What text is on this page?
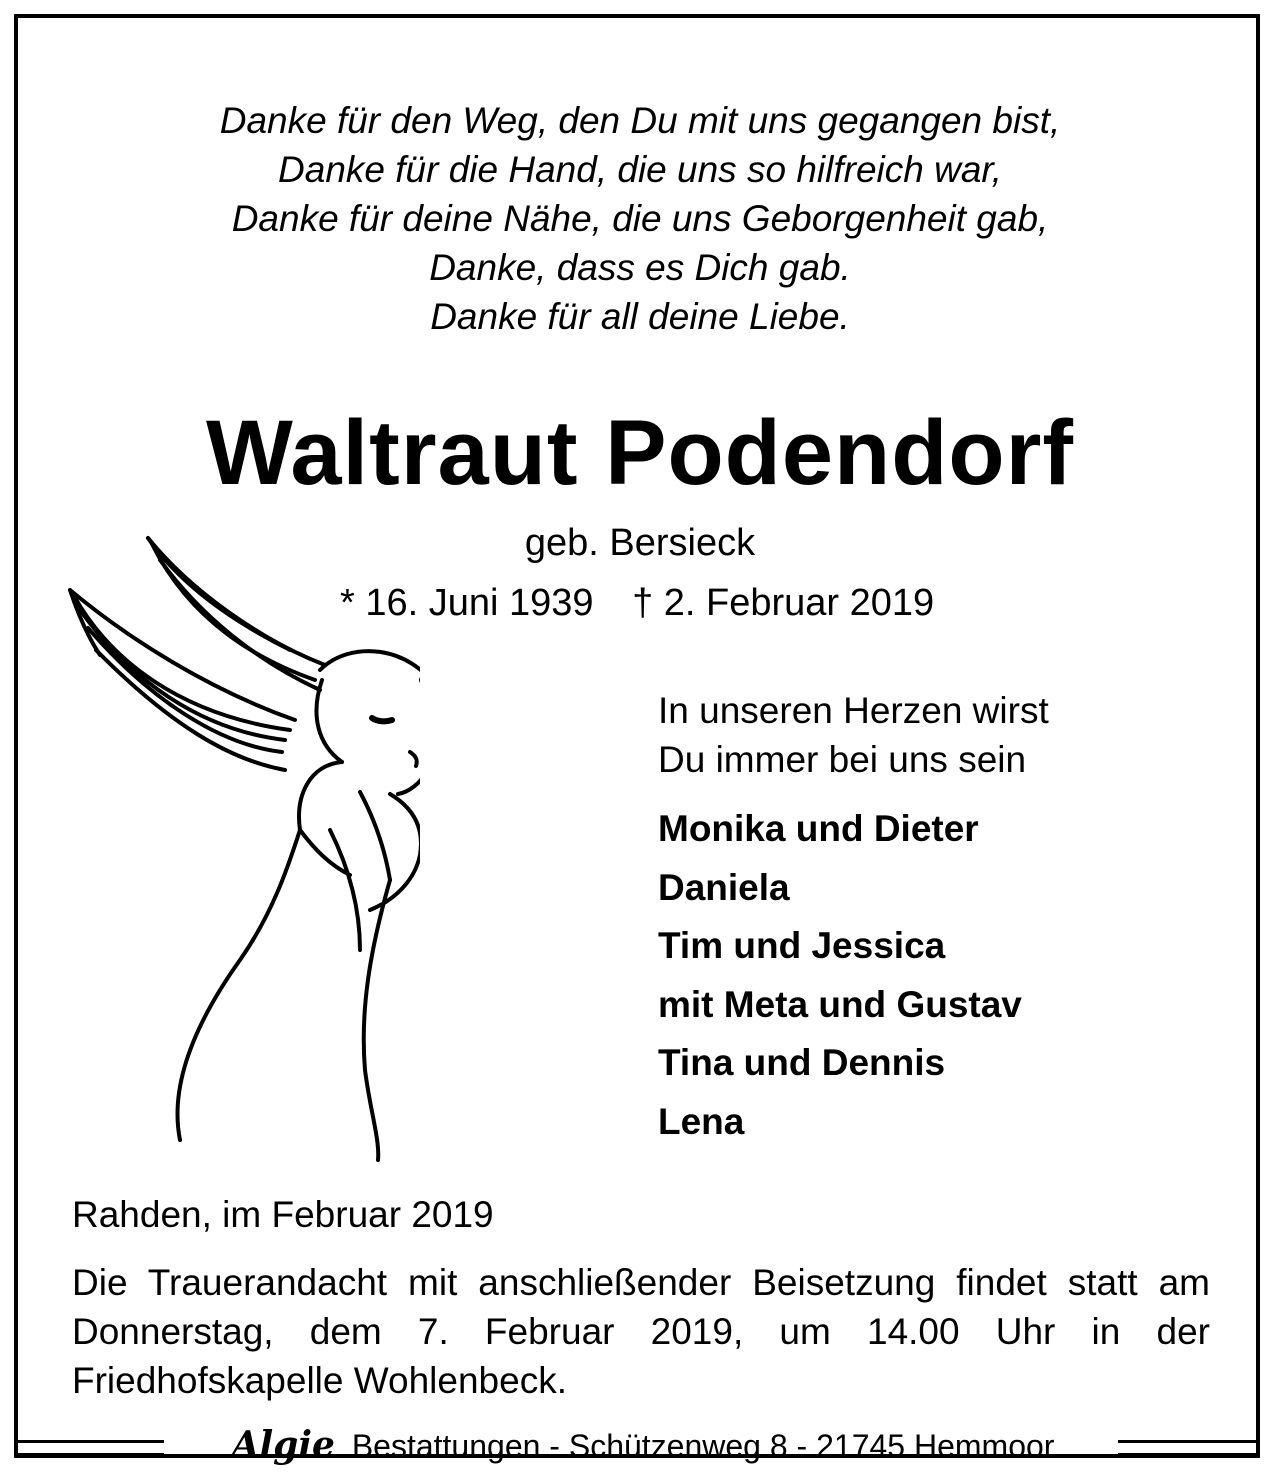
Danke für den Weg, den Du mit uns gegangen bist,
Danke für die Hand, die uns so hilfreich war,
Danke für deine Nähe, die uns Geborgenheit gab,
Danke, dass es Dich gab.
Danke für all deine Liebe.
Waltraut Podendorf
geb. Bersieck
* 16. Juni 1939 † 2. Februar 2019
In unseren Herzen wirst
Du immer bei uns sein
Monika und Dieter
Daniela
Tim und Jessica
mit Meta und Gustav
Tina und Dennis
Lena
Rahden, im Februar 2019
Die Trauerandacht mit anschließender Beisetzung findet statt am Donnerstag, dem 7. Februar 2019, um 14.00 Uhr in der Friedhofskapelle Wohlenbeck.
Algie Bestattungen - Schützenweg 8 - 21745 Hemmoor
